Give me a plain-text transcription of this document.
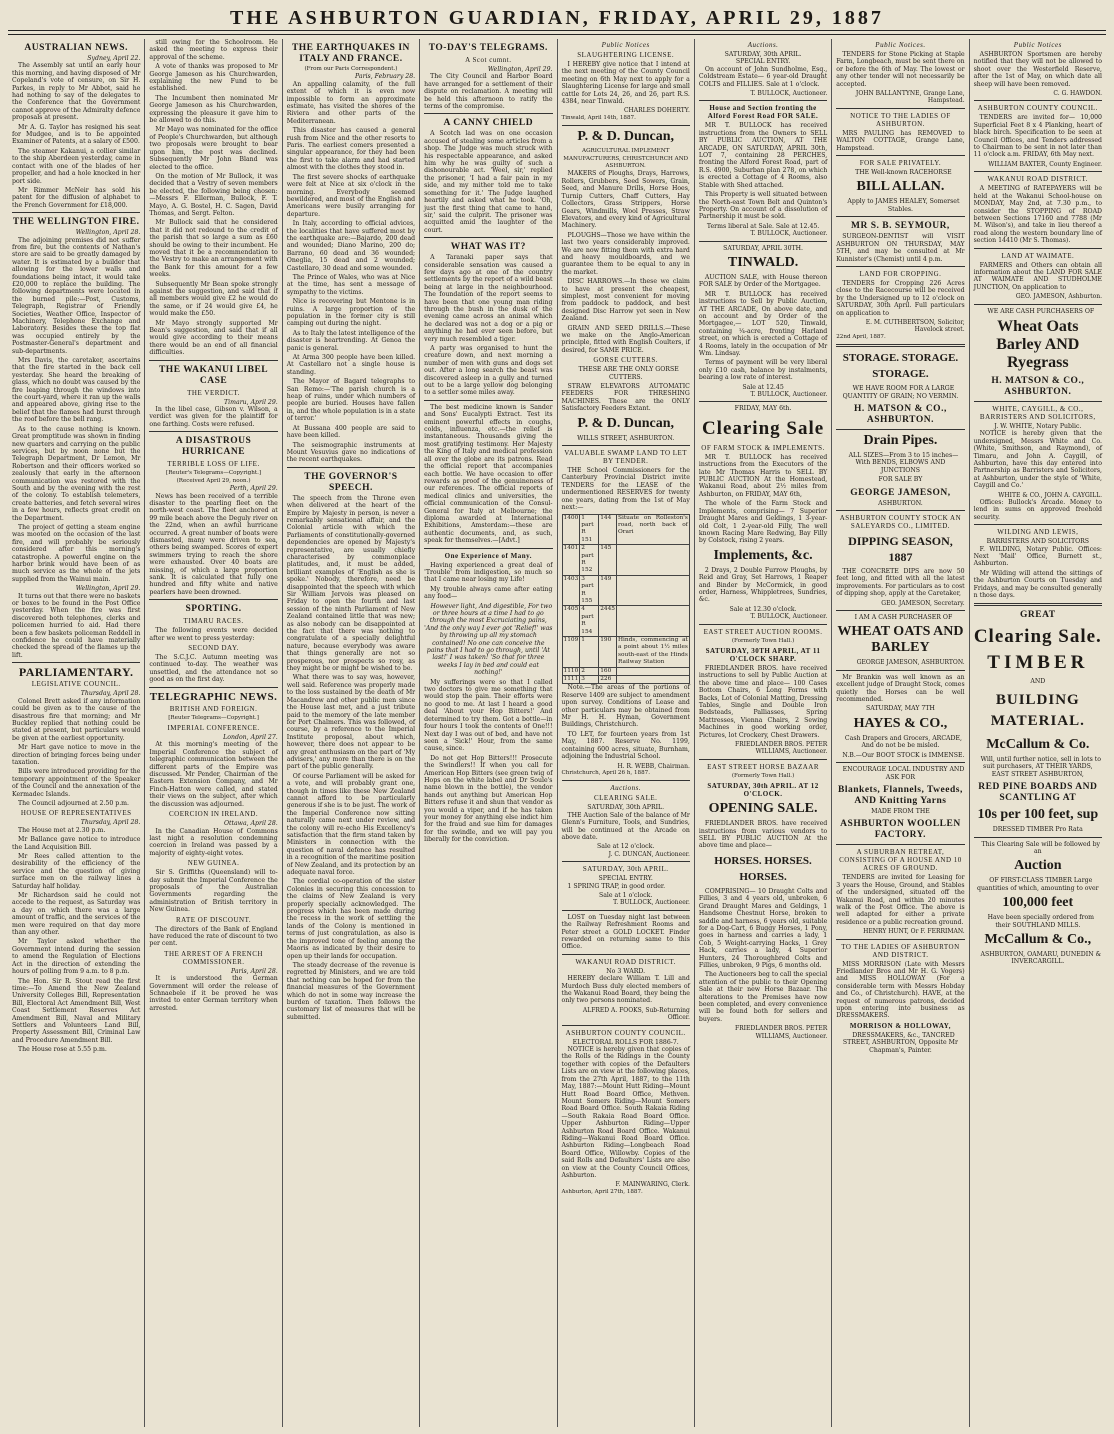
THE ASHBURTON GUARDIAN, FRIDAY, APRIL 29, 1887
AUSTRALIAN NEWS.
Sydney, April 22.

The Assembly sat until an early hour this morning, and having disposed of Mr Copeland's vote of censure, on Sir H. Parkes, in reply to Mr Abbot, said he had nothing to say of the delegates to the Conference that the Government cannot approve of the Admiralty defence proposals at present.

Mr A. G. Taylor has resigned his seat for Mudgee, and is to be appointed Examiner of Patents, at a salary of £500.

The steamer Kakanui, a collier similar to the ship Aberdeen yesterday, came in contact with one of the blades of her propeller, and had a hole knocked in her port side.

Mr Rimmer McNeir has sold his patent for the diffusion of alphabet to the French Government for £18,000.

THE WELLINGTON FIRE.
Wellington, April 28.

The adjoining premises did not suffer from fire, but the contents of Nathan's store are said to be greatly damaged by water. It is estimated by a builder that allowing for the lower walls and foundations being intact, it would take £20,000 to replace the building. The following departments were located in the burned pile:—Post, Customs, Telegraph, Registrar of Friendly Societies, Weather Office, Inspector of Machinery, Telephone Exchange and Laboratory. Besides these the top flat was occupied entirely by the Postmaster-General's department and sub-departments.

Mrs Davis, the caretaker, ascertains that the fire started in the back cell yesterday. She heard the breaking of glass, which no doubt was caused by the fire leaping through the windows into the court-yard, where it ran up the walls and appeared above, giving rise to the belief that the flames had burst through the roof before the bell rang.

As to the cause nothing is known. Great promptitude was shown in finding new quarters and carrying on the public services, but by noon none but the Telegraph Department, Dr Lemon, Mr Robertson and their officers worked so zealously that early in the afternoon communication was restored with the South and by the evening with the rest of the colony. To establish telemeters, create batteries, and fetch several wires in a few hours, reflects great credit on the Department.

The project of getting a steam engine was mooted on the occasion of the last fire, and will probably be seriously considered after this morning's catastrophe. A powerful engine on the harbor brink would have been of as much service as the whole of the jets supplied from the Wainui main.

Wellington, April 29.

It turns out that there were no baskets or boxes to be found in the Post Office yesterday. When the fire was first discovered both telephones, clerks and policemen hurried to aid. Had there been a few baskets policeman Reddell in confidence he could have materially checked the spread of the flames up the lift.

PARLIAMENTARY.
LEGISLATIVE COUNCIL.
Thursday, April 28.

Colonel Brett asked if any information could be given as to the cause of the disastrous fire that morning; and Mr Buckley replied that nothing could be stated at present, but particulars would be given at the earliest opportunity.

Mr Hart gave notice to move in the direction of bringing forces being under taxation.

Bills were introduced providing for the temporary appointment of the Speaker of the Council and the annexation of the Kermadec Islands.

The Council adjourned at 2.50 p.m.

HOUSE OF REPRESENTATIVES
Thursday, April 28.

The House met at 2.30 p.m.

Mr Ballance gave notice to introduce the Land Acquisition Bill.

Mr Rees called attention to the desirability of the efficiency of the service and the question of giving surface men on the railway lines a Saturday half holiday.

Mr Richardson said he could not accede to the request, as Saturday was a day on which there was a large amount of traffic, and the services of the men were required on that day more than any other.

Mr Taylor asked whether the Government intend during the session to amend the Regulation of Elections Act in the direction of extending the hours of polling from 9 a.m. to 8 p.m.

The Hon. Sir R. Stout read the first time:—To Amend the New Zealand University Colleges Bill, Representation Bill, Electoral Act Amendment Bill, West Coast Settlement Reserves Act Amendment Bill, Naval and Military Settlers and Volunteers Land Bill, Property Assessment Bill, Criminal Law and Procedure Amendment Bill.

The House rose at 5.55 p.m.

still owing for the Schoolroom. He asked the meeting to express their approval of the scheme.

A vote of thanks was proposed to Mr George Jameson as his Churchwarden, explaining the new Fund to be established.

The Incumbent then nominated Mr George Jameson as his Churchwarden, expressing the pleasure it gave him to be allowed to do this.

Mr Mayo was nominated for the office of People's Churchwarden, but although two proposals were brought to bear upon him, the post was declined. Subsequently Mr John Bland was elected to the office.

On the motion of Mr Bullock, it was decided that a Vestry of seven members be elected, the following being chosen:—Messrs F. Ellerman, Bullock, F. T. Mayo, A. G. Bostel, H. C. Sagen, David Thomas, and Sergt. Felton.

Mr Bullock said that he considered that it did not redound to the credit of the parish that so large a sum as £60 should be owing to their incumbent. He moved that it be a recommendation to the Vestry to make an arrangement with the Bank for this amount for a few weeks.

Subsequently Mr Bean spoke strongly against the suggestion, and said that if all members would give £2 he would do the same, or if 24 would give £4, he would make the £50.

Mr Mayo strongly supported Mr Bean's suggestion, and said that if all would give according to their means there would be an end of all financial difficulties.

THE WAKANUI LIBEL CASE
THE VERDICT.
Timaru, April 29.

In the libel case, Gibson v. Wilson, a verdict was given for the plaintiff for one farthing. Costs were refused.

A DISASTROUS HURRICANE
TERRIBLE LOSS OF LIFE.
[Reuter's Telegrams—Copyright.]
(Received April 29, noon.)
Perth, April 29.

News has been received of a terrible disaster to the pearling fleet on the north-west coast. The fleet anchored at 99 mile beach above the Deguly river on the 22nd, when an awful hurricane occurred. A great number of boats were dismasted, many were driven to sea, others being swamped. Scores of expert swimmers trying to reach the shore were exhausted. Over 40 boats are missing, of which a large proportion sank. It is calculated that fully one hundred and fifty white and native pearlers have been drowned.

SPORTING.
TIMARU RACES.

The following events were decided after we went to press yesterday:

SECOND DAY.

The S.C.J.C. Autumn meeting was continued to-day. The weather was unsettled, and the attendance not so good as on the first day.

TELEGRAPHIC NEWS.
BRITISH AND FOREIGN.
[Reuter Telegrams—Copyright.]
IMPERIAL CONFERENCE.
London, April 27.

At this morning's meeting of the Imperial Conference the subject of telegraphic communication between the different parts of the Empire was discussed. Mr Pender, Chairman of the Eastern Extension Company, and Mr Finch-Hatton were called, and stated their views on the subject, after which the discussion was adjourned.

COERCION IN IRELAND.
Ottawa, April 28.

In the Canadian House of Commons last night a resolution condemning coercion in Ireland was passed by a majority of eighty-eight votes.

NEW GUINEA.

Sir S. Griffiths (Queensland) will to-day submit the Imperial Conference the proposals of the Australian Governments regarding the administration of British territory in New Guinea.

RATE OF DISCOUNT.

The directors of the Bank of England have reduced the rate of discount to two per cent.

THE ARREST OF A FRENCH COMMISSIONER.
Paris, April 28.

It is understood the German Government will order the release of Schnaebele if it be proved he was invited to enter German territory when arrested.

THE EARTHQUAKES IN ITALY AND FRANCE.
(From our Paris Correspondent.)
Paris, February 28.

An appalling calamity, of the full extent of which it is even now impossible to form an approximate estimate, has visited the shores of the Riviera and other parts of the Mediterranean.

This disaster has caused a general rush from Nice and the other resorts to Paris. The earliest comers presented a singular appearance, for they had been the first to take alarm and had started almost with the clothes they stood in.

The first severe shocks of earthquake were felt at Nice at six o'clock in the morning. Everybody seemed bewildered, and most of the English and Americans were busily arranging for departure.

In Italy, according to official advices, the localities that have suffered most by the earthquake are:—Bajardo, 200 dead and wounded; Diano Marino, 200 do; Barrano, 60 dead and 36 wounded; Oneglia, 15 dead and 2 wounded; Castellaro, 30 dead and some wounded.

The Prince of Wales, who was at Nice at the time, has sent a message of sympathy to the victims.

Nice is recovering but Mentone is in ruins. A large proportion of the population in the former city is still camping out during the night.

As to Italy the latest intelligence of the disaster is heartrending. At Genoa the panic is general.

At Arma 300 people have been killed. At Castellaro not a single house is standing.

The Mayor of Bagard telegraphs to San Remo:—'The parish church is a heap of ruins, under which numbers of people are buried. Houses have fallen in, and the whole population is in a state of terror.'

At Bussana 400 people are said to have been killed.

The seismographic instruments at Mount Vesuvius gave no indications of the recent earthquakes.

THE GOVERNOR'S SPEECH.

The speech from the Throne even when delivered at the heart of the Empire by Majesty in person, is never a remarkably sensational affair, and the Colonial article with which the Parliaments of constitutionally-governed dependencies are opened by Majesty's representative, are usually chiefly characterised by commonplace platitudes, and, it must be added, brilliant examples of 'English as she is spoke.' Nobody, therefore, need be disappointed that the speech with which Sir William Jervois was pleased on Friday to open the fourth and last session of the ninth Parliament of New Zealand contained little that was new; as also nobody can be disappointed at the fact that there was nothing to congratulate of a specially delightful nature, because everybody was aware that things generally are not so prosperous, nor prospects so rosy, as they might be or might be wished to be.

What there was to say was, however, well said. Reference was properly made to the loss sustained by the death of Mr Macandrew and other public men since the House last met, and a just tribute paid to the memory of the late member for Port Chalmers. This was followed, of course, by a reference to the Imperial Institute proposal, about which, however, there does not appear to be any great enthusiasm on the part of 'My advisers,' any more than there is on the part of the public generally.

Of course Parliament will be asked for a vote, and will probably grant one, though in times like these New Zealand cannot afford to be particularly generous if she is to be just. The work of the Imperial Conference now sitting naturally came next under review, and the colony will re-echo His Excellency's satisfaction that the firm stand taken by Ministers in connection with the question of naval defence has resulted in a recognition of the maritime position of New Zealand, and its protection by an adequate naval force.

The cordial co-operation of the sister Colonies in securing this concession to the claims of New Zealand is very properly specially acknowledged. The progress which has been made during the recess in the work of settling the lands of the Colony is mentioned in terms of just congratulation, as also is the improved tone of feeling among the Maoris as indicated by their desire to open up their lands for occupation.

The steady decrease of the revenue is regretted by Ministers, and we are told that nothing can be hoped for from the financial measures of the Government which do not in some way increase the burden of taxation. Then follows the customary list of measures that will be submitted.

TO-DAY'S TELEGRAMS.
A Scot cumnt.
Wellington, April 29.

The City Council and Harbor Board have arranged for a settlement of their dispute on reclamation. A meeting will be held this afternoon to ratify the terms of the compromise.

A CANNY CHIELD

A Scotch lad was on one occasion accused of stealing some articles from a shop. The Judge was much struck with his respectable appearance, and asked him why he was guilty of such a dishonourable act. 'Weel, sir,' replied the prisoner, 'I had a fair pain in my side, and my mither told me to take something for it.' The Judge laughed heartily and asked what he took. 'Oh, just the first thing that came to hand, sir,' said the culprit. The prisoner was acquitted amid the laughter of the court.

WHAT WAS IT?

A Taranaki paper says that considerable sensation was caused a few days ago at one of the country settlements by the report of a wild beast being at large in the neighbourhood. The foundation of the report seems to have been that one young man riding through the bush in the dusk of the evening came across an animal which he declared was not a dog or a pig or anything he had ever seen before, but very much resembled a tiger.

A party was organised to hunt the creature down, and next morning a number of men with guns and dogs set out. After a long search the beast was discovered asleep in a gully and turned out to be a large yellow dog belonging to a settler some miles away.

The best medicine known is Sander and Sons' Eucalypti Extract. Test its eminent powerful effects in coughs, colds, influenza, etc.—the relief is instantaneous. Thousands giving the most gratifying testimony. Her Majesty the King of Italy and medical profession all over the globe are its patrons. Read the official report that accompanies each bottle. We have occasion to offer rewards as proof of the genuineness of our references. The official reports of medical clinics and universities, the official communication of the Consul-General for Italy at Melbourne; the diploma awarded at International Exhibitions, Amsterdam:—these are authentic documents, and, as such, speak for themselves.—[Advt.]

One Experience of Many.

Having experienced a great deal of 'Trouble' from indigestion, so much so that I came near losing my Life!

My trouble always came after eating any food—

However light, And digestible, For two or three hours at a time I had to go through the most Excruciating pains, 'And the only way I ever got 'Relief!' was by throwing up all my stomach contained! No one can conceive the pains that I had to go through, until 'At last!' I was taken! 'So that for three weeks I lay in bed and could eat nothing!'

My sufferings were so that I called two doctors to give me something that would stop the pain. Their efforts were no good to me. At last I heard a good deal 'About your Hop Bitters!' And determined to try them. Got a bottle—in four hours I took the contents of One!!! Next day I was out of bed, and have not seen a 'Sick!' Hour, from the same cause, since.

Do not get Hop Bitters!!! Prosecute the Swindlers!! If when you call for American Hop Bitters (see green twig of Hops on the white label and Dr Soule's name blown in the bottle), the vendor hands out anything but American Hop Bitters refuse it and shun that vendor as you would a viper, and if he has taken your money for anything else indict him for the fraud and sue him for damages for the swindle, and we will pay you liberally for the conviction.

Public Notices
SLAUGHTERING LICENSE.

I HEREBY give notice that I intend at the next meeting of the County Council meeting on 6th May next to apply for a Slaughtering License for large and small cattle for Lots 24, 26, and 26, part R.S. 4384, near Tinwald.

CHARLES DOHERTY.
Tinwald, April 14th, 1887.
P. & D. Duncan,
AGRICULTURAL IMPLEMENT MANUFACTURERS, CHRISTCHURCH AND ASHBURTON.

MAKERS of Ploughs, Drays, Harrows, Rollers, Grubbers, Seed Sowers, Grain, Seed, and Manure Drills, Horse Hoes, Turnip Cutters, Chaff Cutters, Hay Collectors, Grass Strippers, Horse Gears, Windmills, Wool Presses, Straw Elevators, and every kind of Agricultural Machinery.

PLOUGHS—Those we have within the last two years considerably improved. We are now fitting them with extra hard and heavy mouldboards, and we guarantee them to be equal to any in the market.

DISC HARROWS.—In these we claim to have at present the cheapest, simplest, most convenient for moving from paddock to paddock, and best designed Disc Harrow yet seen in New Zealand.

GRAIN AND SEED DRILLS.—These we make on the Anglo-American principle, fitted with English Coulters, if desired, for SAME PRICE.

GORSE CUTTERS.

THESE ARE THE ONLY GORSE CUTTERS.

STRAW ELEVATORS AUTOMATIC FEEDERS FOR THRESHING MACHINES. These are the ONLY Satisfactory Feeders Extant.

P. & D. Duncan,
WILLS STREET, ASHBURTON.
VALUABLE SWAMP LAND TO LET BY TENDER.

THE School Commissioners for the Canterbury Provincial District invite TENDERS for the LEASE of the undermentioned RESERVES for twenty one years, dating from the 1st of May next:—

1400	1 part R 151	144	Situate on Rolleston's road, north back of Orari
1401	2 part R 152	145	
1403	3 part R 155	149	
1405	4 part R 154	2445	
1109	1	190	Hinds, commencing at a point about 1½ miles south-east of the Hinds Railway Station
1110	2	160	
1111	3	226	

Note.—The areas of the portions of Reserve 1409 are subject to amendment upon survey. Conditions of Lease and other particulars may be obtained from Mr H. H. Hyman, Government Buildings, Christchurch.

TO LET, for fourteen years from 1st May, 1887. Reserve No. 1199, containing 600 acres, situate, Burnham, adjoining the Industrial School.

H. R. WEBB, Chairman.
Christchurch, April 26 h, 1887.
Auctions.
CLEARING SALE.
SATURDAY, 30th APRIL.

THE Auction Sale of the balance of Mr Glenn's Furniture, Tools, and Sundries, will be continued at the Arcade on above date.

Sale at 12 o'clock.
J. C. DUNCAN, Auctioneer.
SATURDAY, 30th APRIL.
SPECIAL ENTRY.

1 SPRING TRAP, in good order.

Sale at 1 o'clock.
T. BULLOCK, Auctioneer.

LOST on Tuesday night last between the Railway Refreshment Rooms and Peter street a GOLD LOCKET. Finder rewarded on returning same to this Office.

WAKANUI ROAD DISTRICT.
No 3 WARD.

HEREBY declare William T. Lill and Murdoch Buss duly elected members of the Wakanui Road Board, they being the only two persons nominated.

ALFRED A. FOOKS, Sub-Returning Officer.
ASHBURTON COUNTY COUNCIL.
ELECTORAL ROLLS FOR 1886-7.

NOTICE is hereby given that copies of the Rolls of the Ridings in the County together with copies of the Defaulters Lists are on view at the following places, from the 27th April, 1887, to the 11th May, 1887:—Mount Hutt Riding—Mount Hutt Road Board Office, Methven. Mount Somers Riding—Mount Somers Road Board Office. South Rakaia Riding—South Rakaia Road Board Office. Upper Ashburton Riding—Upper Ashburton Road Board Office. Wakanui Riding—Wakanui Road Board Office. Ashburton Riding—Longbeach Road Board Office, Willowby. Copies of the said Rolls and Defaulters' Lists are also on view at the County Council Offices, Ashburton.

F. MAINWARING, Clerk.
Ashburton, April 27th, 1887.
Auctions.
SATURDAY, 30th APRIL.
SPECIAL ENTRY.

On account of John Sundholme, Esq., Coldstream Estate— 6 year-old Draught COLTS and FILLIES. Sale at 1 o'clock.

T. BULLOCK, Auctioneer.
House and Section fronting the Alford Forest Road FOR SALE.

MR T. BULLOCK has received instructions from the Owners to SELL BY PUBLIC AUCTION, AT THE ARCADE, ON SATURDAY, APRIL 30th, LOT 7, containing 28 PERCHES, fronting the Alford Forest Road, part of R.S. 4900, Suburban plan 278, on which is erected a Cottage of 4 Rooms, also Stable with Shed attached.

This Property is well situated between the North-east Town Belt and Quinton's Property. On account of a dissolution of Partnership it must be sold.

Terms liberal at Sale. Sale at 12.45.
T. BULLOCK, Auctioneer.
SATURDAY, APRIL 30TH.
TINWALD.

AUCTION SALE, with House thereon FOR SALE by Order of the Mortgagee.

MR T. BULLOCK has received instructions to Sell by Public Auction, AT THE ARCADE, On above date, and on account and by Order of the Mortgagee,— LOT 520, Tinwald, containing ¼-acre, fronting Harland street, on which is erected a Cottage of 4 Rooms, lately in the occupation of Mr Wm. Lindsay.

Terms of payment will be very liberal only £10 cash, balance by instalments, bearing a low rate of interest.

Sale at 12.45
T. BULLOCK, Auctioneer.
FRIDAY, MAY 6th.
Clearing Sale
OF FARM STOCK & IMPLEMENTS.

MR T. BULLOCK has received instructions from the Executors of the late Mr Thomas Harris to SELL BY PUBLIC AUCTION At the Homestead, Wakanui Road, about 2½ miles from Ashburton, on FRIDAY, MAY 6th,

The whole of the Farm Stock and Implements, comprising— 7 Superior Draught Mares and Geldings, 1 3-year-old Colt, 1 2-year-old Filly, The well known Racing Mare Redwing, Bay Filly by Colstock, rising 2 years.

Implements, &c.

2 Drays, 2 Double Furrow Ploughs, by Reid and Gray, Set Harrows, 1 Reaper and Binder by McCormick, in good order, Harness, Whippletrees, Sundries, &c.

Sale at 12.30 o'clock.
T. BULLOCK, Auctioneer.
EAST STREET AUCTION ROOMS.
(Formerly Town Hall.)
SATURDAY, 30TH APRIL, AT 11 O'CLOCK SHARP.

FRIEDLANDER BROS. have received instructions to sell by Public Auction at the above time and place— 100 Cases Bottom Chairs, 6 Long Forms with Backs, Lot of Colonial Matting, Dressing Tables, Single and Double Iron Bedsteads, Palliasses, Spring Mattresses, Vienna Chairs, 2 Sewing Machines in good working order, Pictures, lot Crockery, Chest Drawers.

FRIEDLANDER BROS. PETER WILLIAMS, Auctioneer.
EAST STREET HORSE BAZAAR
(Formerly Town Hall.)
SATURDAY, 30th APRIL. AT 12 O'CLOCK.
OPENING SALE.

FRIEDLANDER BROS. have received instructions from various vendors to SELL BY PUBLIC AUCTION At the above time and place—

HORSES. HORSES. HORSES.

COMPRISING— 10 Draught Colts and Fillies, 3 and 4 years old, unbroken, 6 Grand Draught Mares and Geldings, 1 Handsome Chestnut Horse, broken to saddle and harness, 6 years old, suitable for a Dog-Cart, 6 Buggy Horses, 1 Pony, goes in harness and carries a lady, 1 Cob, 5 Weight-carrying Hacks, 1 Grey Hack, carries a lady, 4 Superior Hunters, 24 Thoroughbred Colts and Fillies, unbroken, 9 Pigs, 6 months old.

The Auctioneers beg to call the special attention of the public to their Opening Sale at their new Horse Bazaar. The alterations to the Premises have now been completed, and every convenience will be found both for sellers and buyers.

FRIEDLANDER BROS. PETER WILLIAMS, Auctioneer.
Public Notices.

TENDERS for Stone Picking at Staple Farm, Longbeach, must be sent there on or before the 6th of May. The lowest or any other tender will not necessarily be accepted.

JOHN BALLANTYNE, Grange Lane, Hampstead.
NOTICE TO THE LADIES OF ASHBURTON.

MRS PAULING has REMOVED to WALTON COTTAGE, Grange Lane, Hampstead.

FOR SALE PRIVATELY.

THE Well-known RACEHORSE

BILL ALLAN.

Apply to JAMES HEALEY, Somerset Stables.

MR S. B. SEYMOUR,

SURGEON-DENTIST will VISIT ASHBURTON ON THURSDAY, MAY 5TH, and may be consulted at Mr Kunnister's (Chemist) until 4 p.m.

LAND FOR CROPPING.

TENDERS for Cropping 226 Acres close to the Racecourse will be received by the Undersigned up to 12 o'clock on SATURDAY, 30th April. Full particulars on application to

E. M. CUTHBERTSON, Solicitor, Havelock street.
22nd April, 1887.
STORAGE. STORAGE. STORAGE.

WE HAVE ROOM FOR A LARGE QUANTITY OF GRAIN; NO VERMIN.

H. MATSON & CO., ASHBURTON.
Drain Pipes.

ALL SIZES—From 3 to 15 inches— With BENDS, ELBOWS AND JUNCTIONS

FOR SALE BY
GEORGE JAMESON,
ASHBURTON.
ASHBURTON COUNTY STOCK AN SALEYARDS CO., LIMITED.
DIPPING SEASON, 1887

THE CONCRETE DIPS are now 50 feet long, and fitted with all the latest improvements. For particulars as to cost of dipping shop, apply at the Caretaker,

GEO. JAMESON, Secretary.

I AM A CASH PURCHASER OF

WHEAT OATS AND BARLEY
GEORGE JAMESON, ASHBURTON.

Mr Brankin was well known as an excellent judge of Draught Stock, comes quietly the Horses can be well recommended.

SATURDAY, MAY 7TH
HAYES & CO.,

Cash Drapers and Grocers, ARCADE, And do not be be misled.

N.B.—Our BOOT STOCK is IMMENSE.

ENCOURAGE LOCAL INDUSTRY AND ASK FOR

Blankets, Flannels, Tweeds, AND Knitting Yarns
MADE FROM THE
ASHBURTON WOOLLEN FACTORY.
A SUBURBAN RETREAT, CONSISTING OF A HOUSE AND 10 ACRES OF GROUND.

TENDERS are invited for Leasing for 3 years the House, Ground, and Stables of the undersigned, situated off the Wakanui Road, and within 20 minutes walk of the Post Office. The above is well adapted for either a private residence or a public recreation ground.

HENRY HUNT, Or F. FERRIMAN.
TO THE LADIES OF ASHBURTON AND DISTRICT.

MISS MORRISON (Late with Messrs Friedlander Bros and Mr H. G. Vogers) and MISS HOLLOWAY (For a considerable term with Messrs Hobday and Co., of Christchurch). HAVE, at the request of numerous patrons, decided upon entering into business as DRESSMAKERS.

MORRISON & HOLLOWAY,

DRESSMAKERS, &c., TANCRED STREET, ASHBURTON, Opposite Mr Chapman's, Painter.

Public Notices

ASHBURTON Sportsmen are hereby notified that they will not be allowed to shoot over the Westerfield Reserve, after the 1st of May, on which date all sheep will have been removed.

C. G. HAWDON.
ASHBURTON COUNTY COUNCIL.

TENDERS are invited for— 10,000 Superficial Feet 8 x 4 Planking, heart of black birch. Specification to be seen at Council Offices, and Tenders addressed to Chairman to be sent in not later than 11 o'clock a.m. FRIDAY, 6th May next.

WILLIAM BAXTER, County Engineer.
WAKANUI ROAD DISTRICT.

A MEETING of RATEPAYERS will be held at the Wakanui School-house on MONDAY, May 2nd, at 7.30 p.m., to consider the STOPPING of ROAD between Sections 17160 and 7788 (Mr M. Wilson's), and take in lieu thereof a road along the western boundary line of section 14410 (Mr S. Thomas).

LAND AT WAIMATE.

FARMERS and Others can obtain all information about the LAND FOR SALE AT WAIMATE AND STUDHOLME JUNCTION, On application to

GEO. JAMESON, Ashburton.

WE ARE CASH PURCHASERS OF

Wheat Oats Barley AND Ryegrass
H. MATSON & CO., ASHBURTON.
WHITE, CAYGILL, & CO., BARRISTERS AND SOLICITORS,
J. W. WHITE, Notary Public.

NOTICE is hereby given that the undersigned, Messrs White and Co. (White, Smithson, and Raymond), of Timaru, and John A. Caygill, of Ashburton, have this day entered into Partnership as Barristers and Solicitors, at Ashburton, under the style of 'White, Caygill and Co.'

WHITE & CO., JOHN A. CAYGILL.

Offices: Bullock's Arcade. Money to lend in sums on approved freehold security.

WILDING AND LEWIS,
BARRISTERS AND SOLICITORS

F. WILDING, Notary Public. Offices: Next 'Mail' Office, Burnett st., Ashburton.

Mr Wilding will attend the sittings of the Ashburton Courts on Tuesday and Fridays, and may be consulted generally n those days.

GREAT
Clearing Sale.
TIMBER
AND
BUILDING MATERIAL.
McCallum & Co.

Will, until further notice, sell in lots to suit purchasers, AT THEIR YARDS, EAST STREET ASHBURTON,

RED PINE BOARDS AND SCANTLING AT
10s per 100 feet, sup
DRESSED TIMBER Pro Rata

This Clearing Sale will be followed by an

Auction

OF FIRST-CLASS TIMBER Large quantities of which, amounting to over

100,000 feet

Have been specially ordered from their SOUTHLAND MILLS.

McCallum & Co.,

ASHBURTON, OAMARU, DUNEDIN & INVERCARGILL.
